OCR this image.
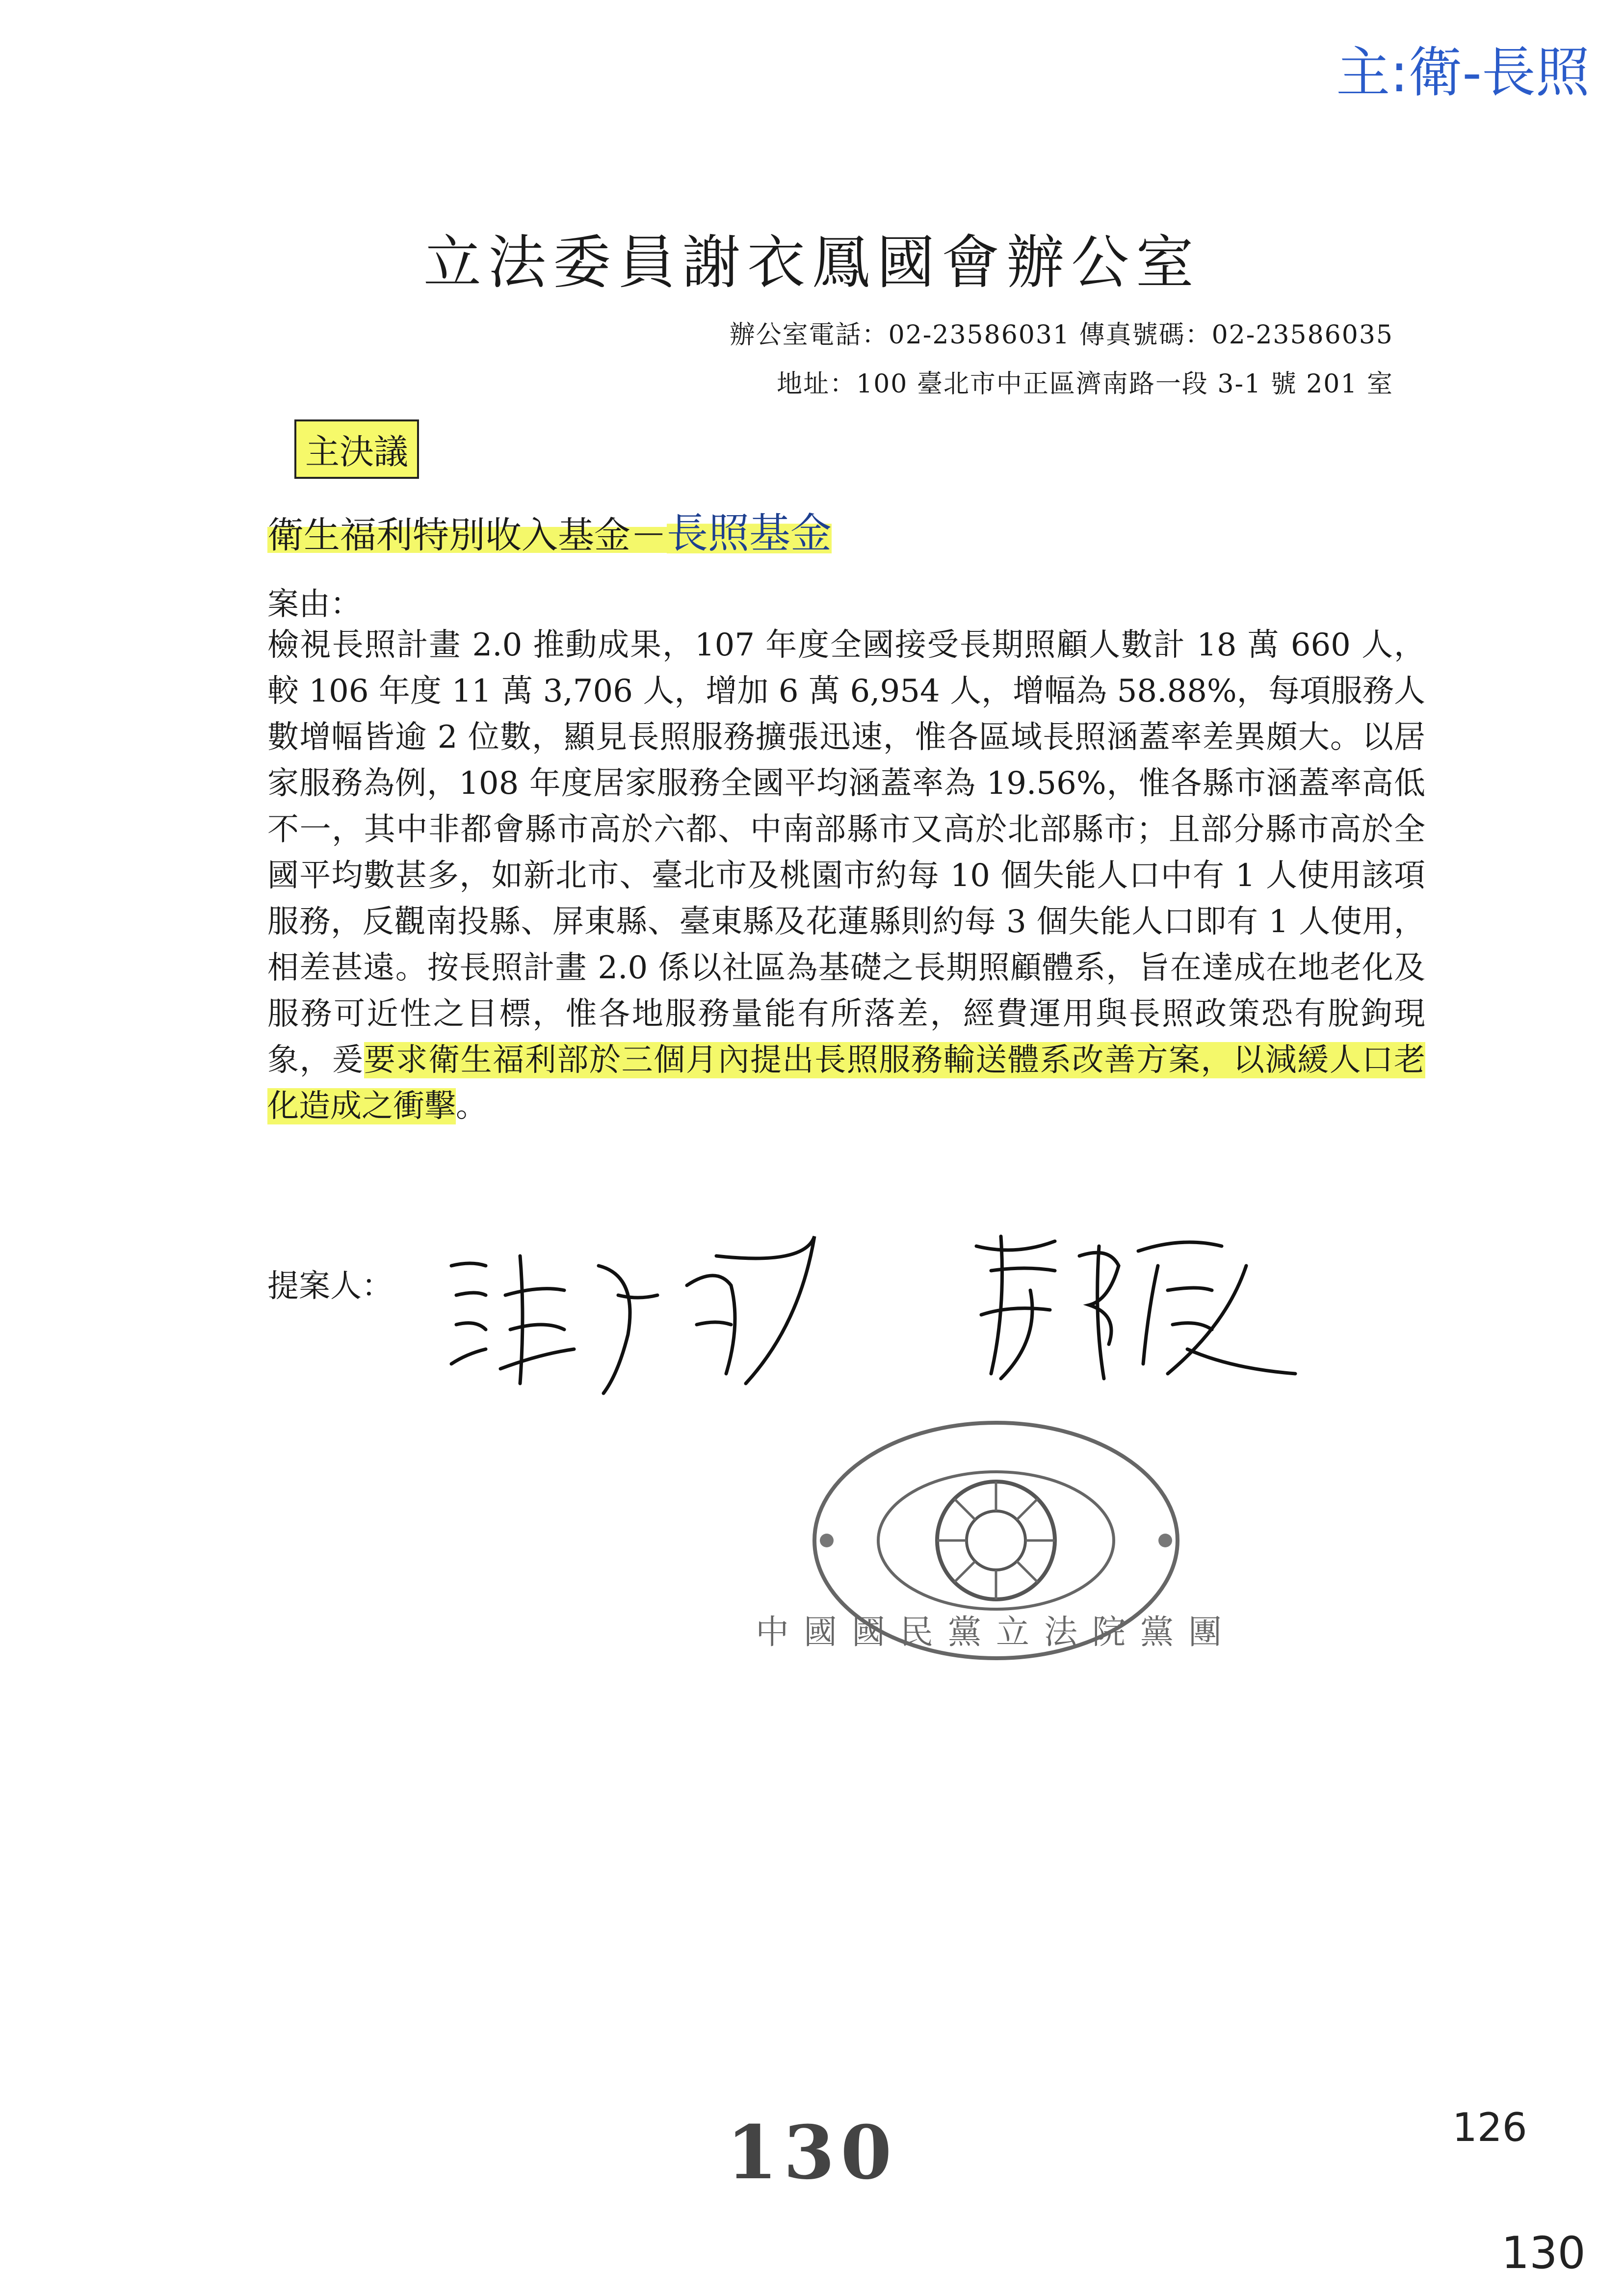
主:衛-長照
立法委員謝衣鳳國會辦公室
辦公室電話：02-23586031 傳真號碼：02-23586035
地址：100 臺北市中正區濟南路一段 3-1 號 201 室
主決議
衛生福利特別收入基金－長照基金
案由：
檢視長照計畫 2.0 推動成果，107 年度全國接受長期照顧人數計 18 萬 660 人，較 106 年度 11 萬 3,706 人，增加 6 萬 6,954 人，增幅為 58.88%，每項服務人數增幅皆逾 2 位數，顯見長照服務擴張迅速，惟各區域長照涵蓋率差異頗大。以居家服務為例，108 年度居家服務全國平均涵蓋率為 19.56%，惟各縣市涵蓋率高低不一，其中非都會縣市高於六都、中南部縣市又高於北部縣市；且部分縣市高於全國平均數甚多，如新北市、臺北市及桃園市約每 10 個失能人口中有 1 人使用該項服務，反觀南投縣、屏東縣、臺東縣及花蓮縣則約每 3 個失能人口即有 1 人使用，相差甚遠。按長照計畫 2.0 係以社區為基礎之長期照顧體系，旨在達成在地老化及服務可近性之目標，惟各地服務量能有所落差，經費運用與長照政策恐有脫鉤現象，爰要求衛生福利部於三個月內提出長照服務輸送體系改善方案，以減緩人口老化造成之衝擊。
提案人：
中國國民黨立法院黨團
130	126
130
